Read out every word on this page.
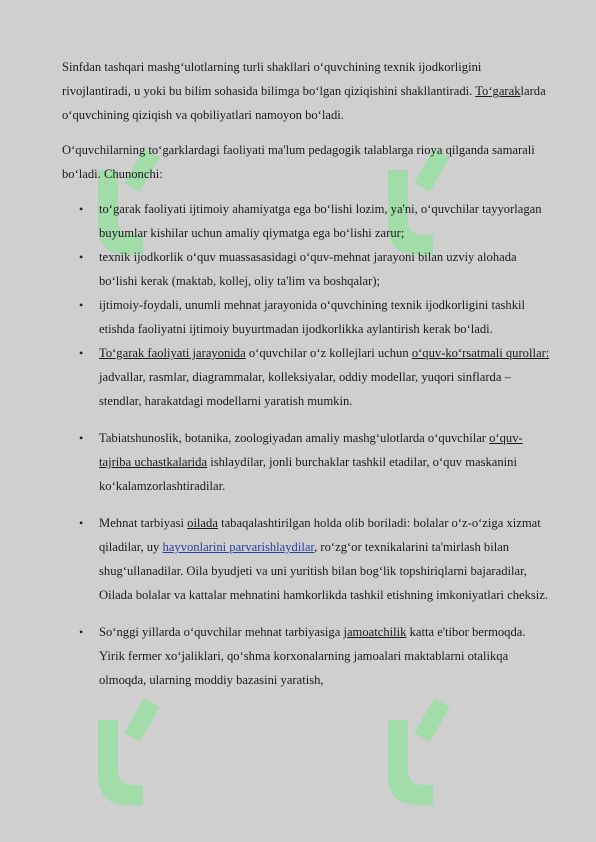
Sinfdan tashqari mashg‘ulotlarning turli shakllari o‘quvchining texnik ijodkorligini rivojlantiradi, u yoki bu bilim sohasida bilimga bo‘lgan qiziqishini shakllantiradi. To‘garaklarda o‘quvchining qiziqish va qobiliyatlari namoyon bo‘ladi.

O‘quvchilarning to‘garklardagi faoliyati ma'lum pedagogik talablarga rioya qilganda samarali bo‘ladi. Chunonchi:

• to‘garak faoliyati ijtimoiy ahamiyatga ega bo‘lishi lozim, ya'ni, o‘quvchilar tayyorlagan buyumlar kishilar uchun amaliy qiymatga ega bo‘lishi zarur;
• texnik ijodkorlik o‘quv muassasasidagi o‘quv-mehnat jarayoni bilan uzviy alohada bo‘lishi kerak (maktab, kollej, oliy ta'lim va boshqalar);
• ijtimoiy-foydali, unumli mehnat jarayonida o‘quvchining texnik ijodkorligini tashkil etishda faoliyatni ijtimoiy buyurtmadan ijodkorlikka aylantirish kerak bo‘ladi.
• To‘garak faoliyati jarayonida o‘quvchilar o‘z kollejlari uchun o‘quv-ko‘rsatmali qurollar: jadvallar, rasmlar, diagrammalar, kolleksiyalar, oddiy modellar, yuqori sinflarda – stendlar, harakatdagi modellarni yaratish mumkin.
• Tabiatshunoslik, botanika, zoologiyadan amaliy mashg‘ulotlarda o‘quvchilar o‘quv-tajriba uchastkalarida ishlaydilar, jonli burchaklar tashkil etadilar, o‘quv maskanini ko‘kalamzorlashtiradilar.
• Mehnat tarbiyasi oilada tabaqalashtirilgan holda olib boriladi: bolalar o‘z-o‘ziga xizmat qiladilar, uy hayvonlarini parvarishlaydilar, ro‘zg‘or texnikalarini ta'mirlash bilan shug‘ullanadilar. Oila byudjeti va uni yuritish bilan bog‘lik topshiriqlarni bajaradilar, Oilada bolalar va kattalar mehnatini hamkorlikda tashkil etishning imkoniyatlari cheksiz.
• So‘nggi yillarda o‘quvchilar mehnat tarbiyasiga jamoatchilik katta e'tibor bermoqda. Yirik fermer xo‘jaliklari, qo‘shma korxonalarning jamoalari maktablarni otalikqa olmoqda, ularning moddiy bazasini yaratish,
